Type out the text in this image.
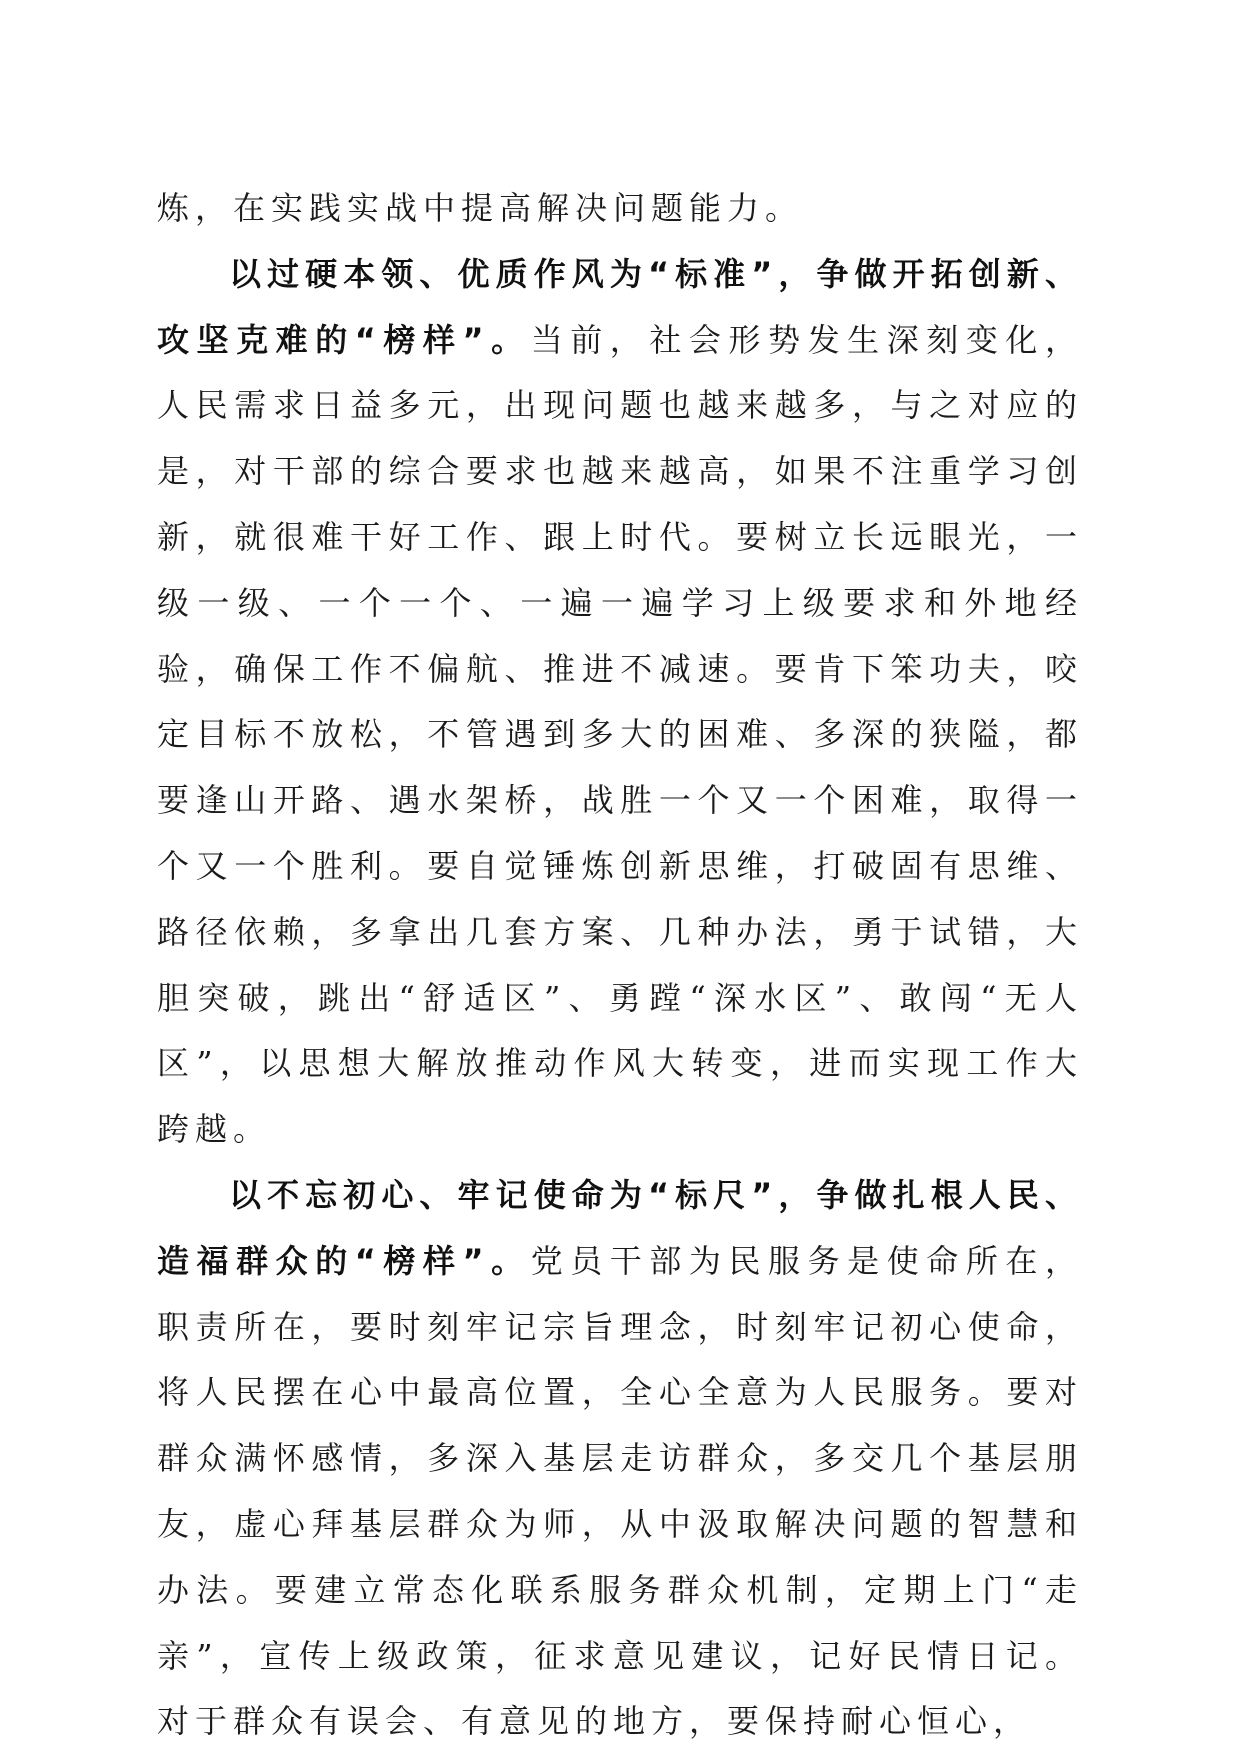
炼，在实践实战中提高解决问题能力。

以过硬本领、优质作风为“标准”，争做开拓创新、攻坚克难的“榜样”。当前，社会形势发生深刻变化，人民需求日益多元，出现问题也越来越多，与之对应的是，对干部的综合要求也越来越高，如果不注重学习创新，就很难干好工作、跟上时代。要树立长远眼光，一级一级、一个一个、一遍一遍学习上级要求和外地经验，确保工作不偏航、推进不减速。要肯下笨功夫，咬定目标不放松，不管遇到多大的困难、多深的狭隘，都要逢山开路、遇水架桥，战胜一个又一个困难，取得一个又一个胜利。要自觉锤炼创新思维，打破固有思维、路径依赖，多拿出几套方案、几种办法，勇于试错，大胆突破，跳出“舒适区”、勇蹚“深水区”、敢闯“无人区”，以思想大解放推动作风大转变，进而实现工作大跨越。

以不忘初心、牢记使命为“标尺”，争做扎根人民、造福群众的“榜样”。党员干部为民服务是使命所在，职责所在，要时刻牢记宗旨理念，时刻牢记初心使命，将人民摆在心中最高位置，全心全意为人民服务。要对群众满怀感情，多深入基层走访群众，多交几个基层朋友，虚心拜基层群众为师，从中汲取解决问题的智慧和办法。要建立常态化联系服务群众机制，定期上门“走亲”，宣传上级政策，征求意见建议，记好民情日记。对于群众有误会、有意见的地方，要保持耐心恒心，
